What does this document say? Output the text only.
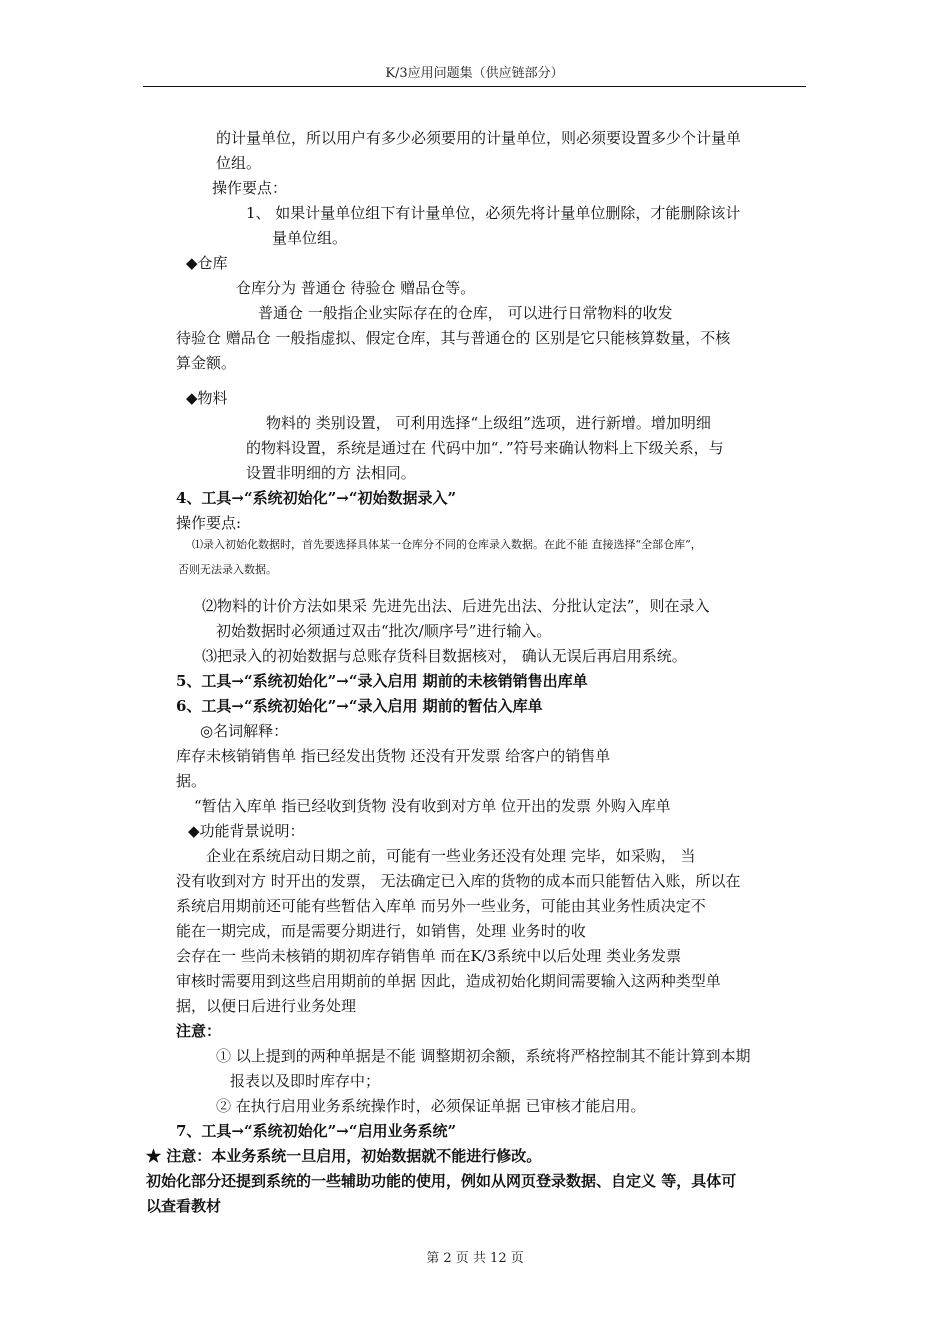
K/3应用问题集（供应链部分）
的计量单位，所以用户有多少必须要用的计量单位，则必须要设置多少个计量单
位组。
操作要点：
1、 如果计量单位组下有计量单位，必须先将计量单位删除，才能删除该计
量单位组。
◆仓库
仓库分为 普通仓 待验仓 赠品仓等。
普通仓 一般指企业实际存在的仓库， 可以进行日常物料的收发
待验仓 赠品仓 一般指虚拟、假定仓库，其与普通仓的 区别是它只能核算数量，不核
算金额。
◆物料
物料的 类别设置， 可利用选择“上级组”选项，进行新增。增加明细
的物料设置，系统是通过在 代码中加“．”符号来确认物料上下级关系，与
设置非明细的方 法相同。
4、工具→“系统初始化”→“初始数据录入”
操作要点:
⑴录入初始化数据时，首先要选择具体某一仓库分不同的仓库录入数据。在此不能 直接选择“全部仓库”，
否则无法录入数据。
⑵物料的计价方法如果采 先进先出法、后进先出法、分批认定法”，则在录入
初始数据时必须通过双击“批次/顺序号”进行输入。
⑶把录入的初始数据与总账存货科目数据核对， 确认无误后再启用系统。
5、工具→“系统初始化”→“录入启用 期前的未核销销售出库单
6、工具→“系统初始化”→“录入启用 期前的暂估入库单
◎名词解释：
库存未核销销售单 指已经发出货物 还没有开发票 给客户的销售单
据。
“暂估入库单 指已经收到货物 没有收到对方单 位开出的发票 外购入库单
◆功能背景说明：
企业在系统启动日期之前，可能有一些业务还没有处理 完毕，如采购， 当
没有收到对方 时开出的发票， 无法确定已入库的货物的成本而只能暂估入账，所以在
系统启用期前还可能有些暂估入库单 而另外一些业务，可能由其业务性质决定不
能在一期完成，而是需要分期进行，如销售，处理 业务时的收
会存在一 些尚未核销的期初库存销售单 而在K/3系统中以后处理 类业务发票
审核时需要用到这些启用期前的单据 因此，造成初始化期间需要输入这两种类型单
据，以便日后进行业务处理
注意：
① 以上提到的两种单据是不能 调整期初余额，系统将严格控制其不能计算到本期
报表以及即时库存中；
② 在执行启用业务系统操作时，必须保证单据 已审核才能启用。
7、工具→“系统初始化”→“启用业务系统”
★ 注意：本业务系统一旦启用，初始数据就不能进行修改。
初始化部分还提到系统的一些辅助功能的使用，例如从网页登录数据、自定义 等，具体可
以查看教材
第 2 页 共 12 页
